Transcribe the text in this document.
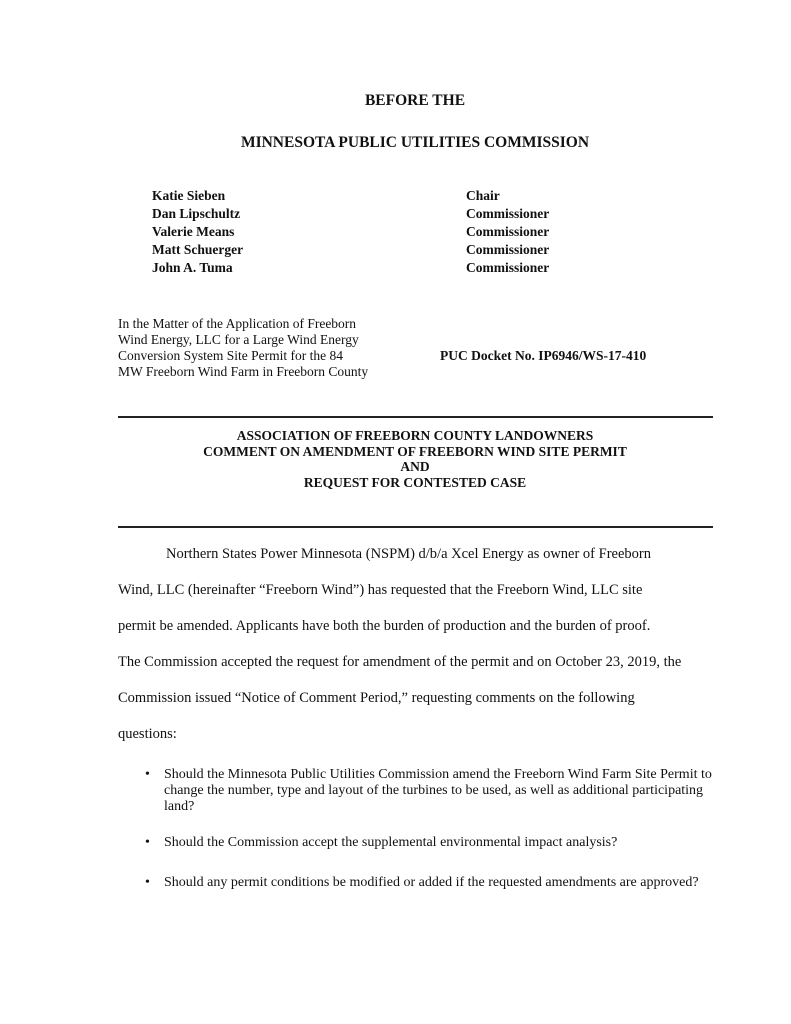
BEFORE THE
MINNESOTA PUBLIC UTILITIES COMMISSION
Katie Sieben	Chair
Dan Lipschultz	Commissioner
Valerie Means	Commissioner
Matt Schuerger	Commissioner
John A. Tuma	Commissioner
In the Matter of the Application of Freeborn
Wind Energy, LLC for a Large Wind Energy
Conversion System Site Permit for the 84
MW Freeborn Wind Farm in Freeborn County
PUC Docket No. IP6946/WS-17-410
ASSOCIATION OF FREEBORN COUNTY LANDOWNERS
COMMENT ON AMENDMENT OF FREEBORN WIND SITE PERMIT
AND
REQUEST FOR CONTESTED CASE
Northern States Power Minnesota (NSPM) d/b/a Xcel Energy as owner of Freeborn
Wind, LLC (hereinafter “Freeborn Wind”) has requested that the Freeborn Wind, LLC site
permit be amended. Applicants have both the burden of production and the burden of proof.
The Commission accepted the request for amendment of the permit and on October 23, 2019, the
Commission issued “Notice of Comment Period,” requesting comments on the following
questions:
• Should the Minnesota Public Utilities Commission amend the Freeborn Wind Farm Site Permit to change the number, type and layout of the turbines to be used, as well as additional participating land?
• Should the Commission accept the supplemental environmental impact analysis?
• Should any permit conditions be modified or added if the requested amendments are approved?
